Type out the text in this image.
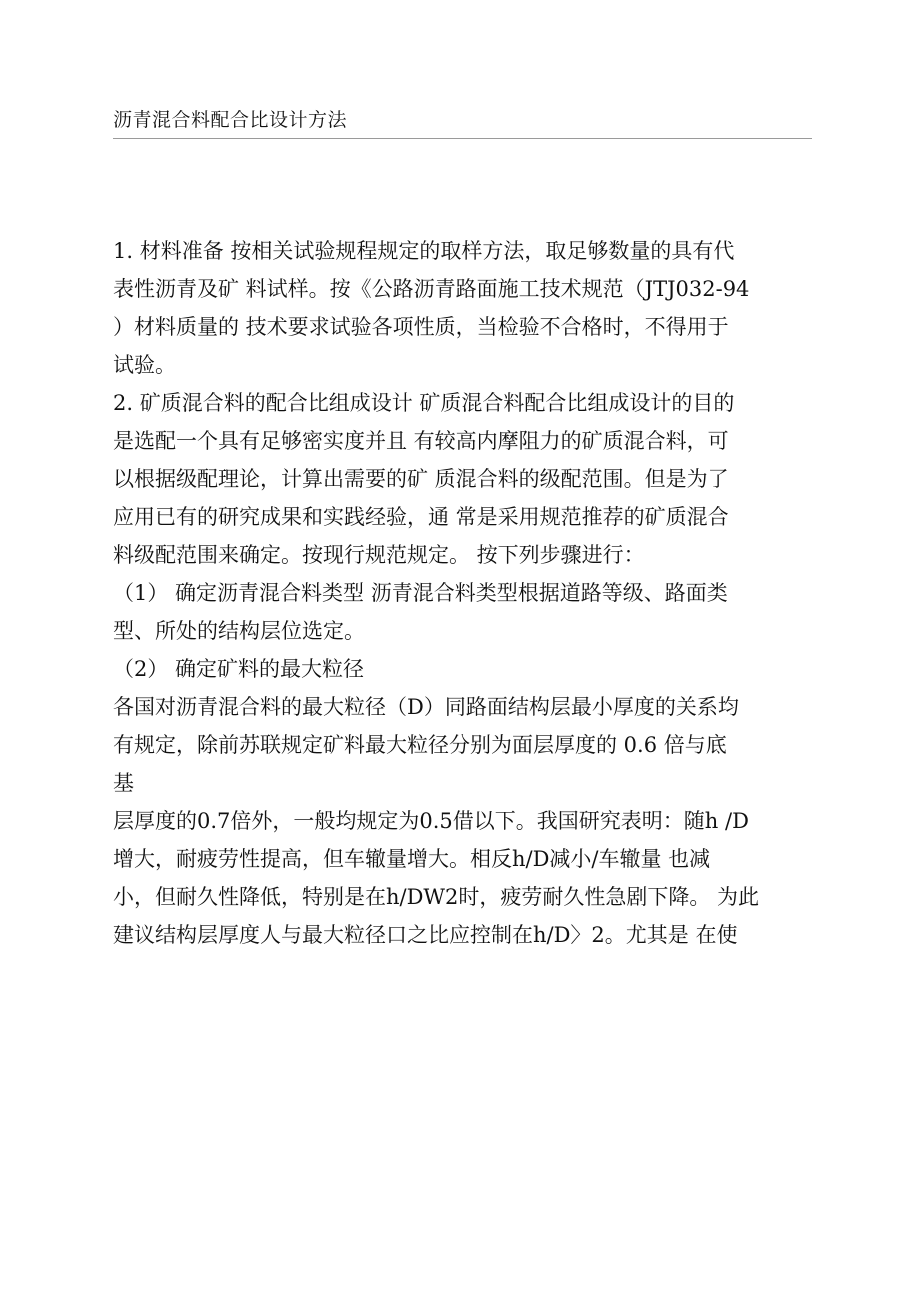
沥青混合料配合比设计方法
1. 材料准备 按相关试验规程规定的取样方法，取足够数量的具有代
表性沥青及矿 料试样。按《公路沥青路面施工技术规范（JTJ032-94
）材料质量的 技术要求试验各项性质，当检验不合格时，不得用于
试验。
2. 矿质混合料的配合比组成设计 矿质混合料配合比组成设计的目的
是选配一个具有足够密实度并且 有较高内摩阻力的矿质混合料，可
以根据级配理论，计算出需要的矿 质混合料的级配范围。但是为了
应用已有的研究成果和实践经验，通 常是采用规范推荐的矿质混合
料级配范围来确定。按现行规范规定。 按下列步骤进行：
（1） 确定沥青混合料类型 沥青混合料类型根据道路等级、路面类
型、所处的结构层位选定。
（2） 确定矿料的最大粒径
各国对沥青混合料的最大粒径（D）同路面结构层最小厚度的关系均
有规定，除前苏联规定矿料最大粒径分别为面层厚度的 0.6 倍与底
基
层厚度的0.7倍外，一般均规定为0.5借以下。我国研究表明：随h /D
增大，耐疲劳性提高，但车辙量增大。相反h/D减小/车辙量 也减
小，但耐久性降低，特别是在h/DW2时，疲劳耐久性急剧下降。 为此
建议结构层厚度人与最大粒径口之比应控制在h/D〉2。尤其是 在使
